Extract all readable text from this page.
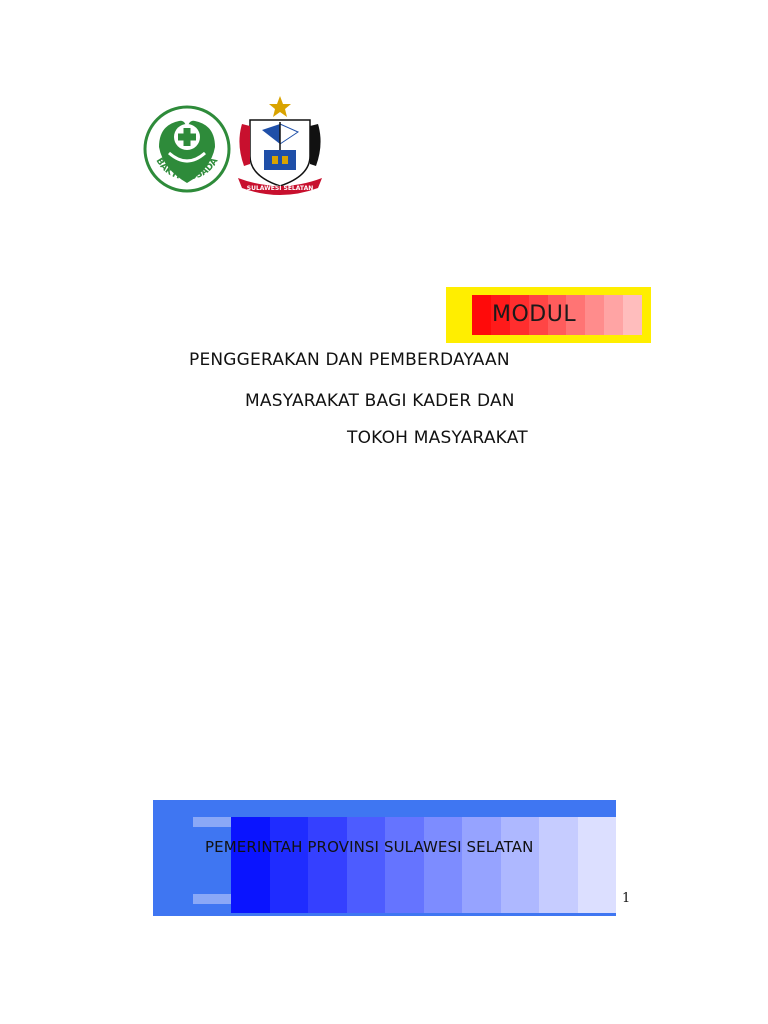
BAKTI HUSADA
SULAWESI SELATAN
MODUL
PENGGERAKAN DAN PEMBERDAYAAN
MASYARAKAT BAGI KADER DAN
TOKOH MASYARAKAT
PEMERINTAH PROVINSI SULAWESI SELATAN
1
